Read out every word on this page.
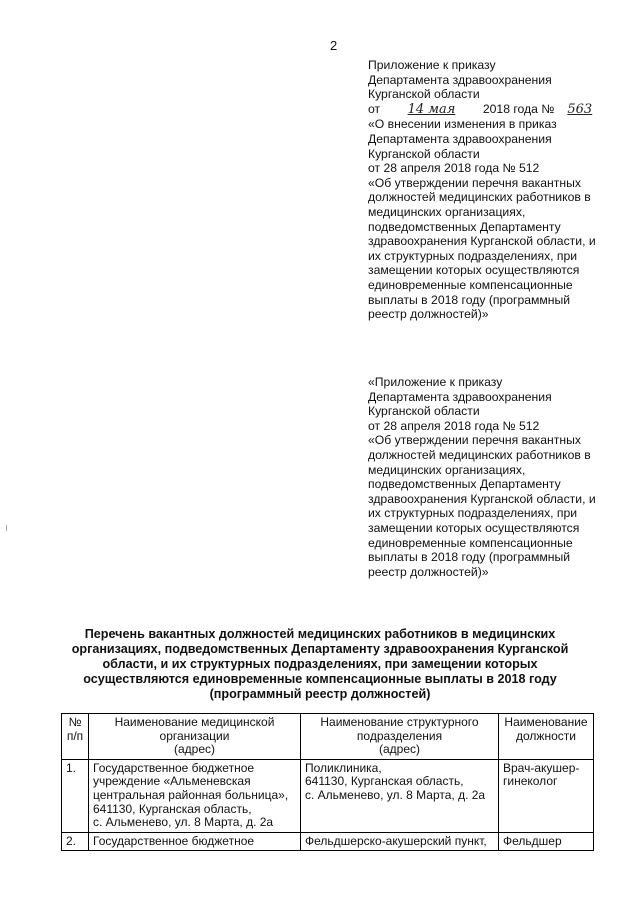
2
Приложение к приказу
Департамента здравоохранения
Курганской области
от 14 мая 2018 года № 563
«О внесении изменения в приказ
Департамента здравоохранения
Курганской области
от 28 апреля 2018 года № 512
«Об утверждении перечня вакантных
должностей медицинских работников в
медицинских организациях,
подведомственных Департаменту
здравоохранения Курганской области, и
их структурных подразделениях, при
замещении которых осуществляются
единовременные компенсационные
выплаты в 2018 году (программный
реестр должностей)»
«Приложение к приказу
Департамента здравоохранения
Курганской области
от 28 апреля 2018 года № 512
«Об утверждении перечня вакантных
должностей медицинских работников в
медицинских организациях,
подведомственных Департаменту
здравоохранения Курганской области, и
их структурных подразделениях, при
замещении которых осуществляются
единовременные компенсационные
выплаты в 2018 году (программный
реестр должностей)»
Перечень вакантных должностей медицинских работников в медицинских
организациях, подведомственных Департаменту здравоохранения Курганской
области, и их структурных подразделениях, при замещении которых
осуществляются единовременные компенсационные выплаты в 2018 году
(программный реестр должностей)
№
п/п	Наименование медицинской
организации
(адрес)	Наименование структурного
подразделения
(адрес)	Наименование
должности

1.	Государственное бюджетное
учреждение «Альменевская
центральная районная больница»,
641130, Курганская область,
с. Альменево, ул. 8 Марта, д. 2а	Поликлиника,
641130, Курганская область,
с. Альменево, ул. 8 Марта, д. 2а	Врач-акушер-
гинеколог

2.	Государственное бюджетное	Фельдшерско-акушерский пункт,	Фельдшер
